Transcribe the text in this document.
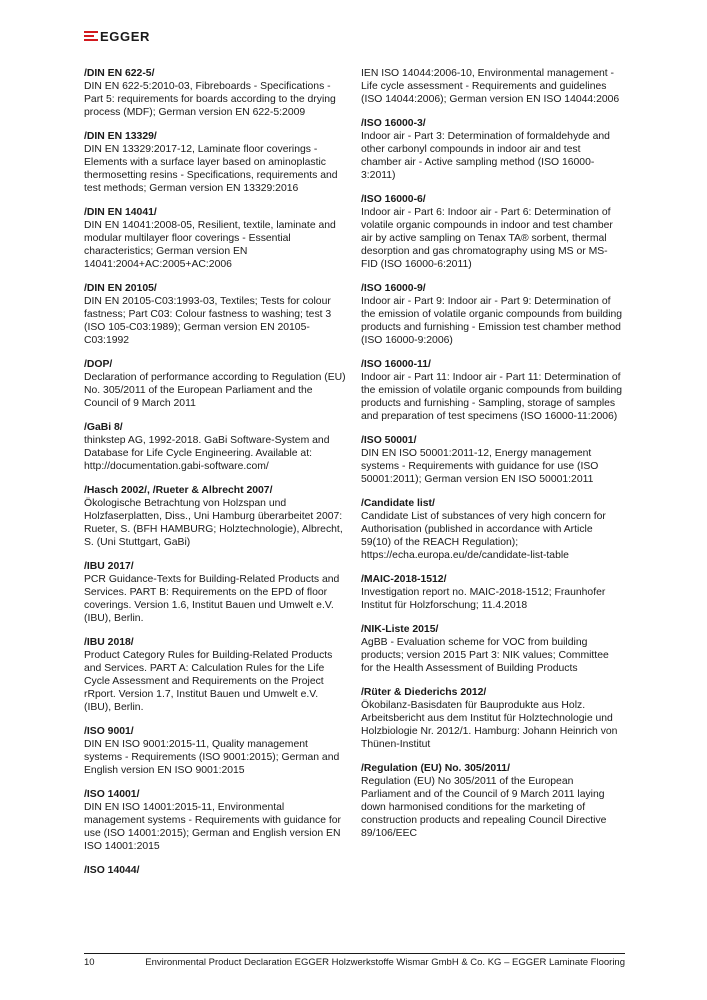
EGGER
/DIN EN 622-5/
DIN EN 622-5:2010-03, Fibreboards - Specifications - Part 5: requirements for boards according to the drying process (MDF); German version EN 622-5:2009
/DIN EN 13329/
DIN EN 13329:2017-12, Laminate floor coverings - Elements with a surface layer based on aminoplastic thermosetting resins - Specifications, requirements and test methods; German version EN 13329:2016
/DIN EN 14041/
DIN EN 14041:2008-05, Resilient, textile, laminate and modular multilayer floor coverings - Essential characteristics; German version EN 14041:2004+AC:2005+AC:2006
/DIN EN 20105/
DIN EN 20105-C03:1993-03, Textiles; Tests for colour fastness; Part C03: Colour fastness to washing; test 3 (ISO 105-C03:1989); German version EN 20105-C03:1992
/DOP/
Declaration of performance according to Regulation (EU) No. 305/2011 of the European Parliament and the Council of 9 March 2011
/GaBi 8/
thinkstep AG, 1992-2018. GaBi Software-System and Database for Life Cycle Engineering. Available at: http://documentation.gabi-software.com/
/Hasch 2002/, /Rueter & Albrecht 2007/
Ökologische Betrachtung von Holzspan und Holzfaserplatten, Diss., Uni Hamburg überarbeitet 2007: Rueter, S. (BFH HAMBURG; Holztechnologie), Albrecht, S. (Uni Stuttgart, GaBi)
/IBU 2017/
PCR Guidance-Texts for Building-Related Products and Services. PART B: Requirements on the EPD of floor coverings. Version 1.6, Institut Bauen und Umwelt e.V. (IBU), Berlin.
/IBU 2018/
Product Category Rules for Building-Related Products and Services. PART A: Calculation Rules for the Life Cycle Assessment and Requirements on the Project rRport. Version 1.7, Institut Bauen und Umwelt e.V. (IBU), Berlin.
/ISO 9001/
DIN EN ISO 9001:2015-11, Quality management systems - Requirements (ISO 9001:2015); German and English version EN ISO 9001:2015
/ISO 14001/
DIN EN ISO 14001:2015-11, Environmental management systems - Requirements with guidance for use (ISO 14001:2015); German and English version EN ISO 14001:2015
/ISO 14044/
IEN ISO 14044:2006-10, Environmental management - Life cycle assessment - Requirements and guidelines (ISO 14044:2006); German version EN ISO 14044:2006
/ISO 16000-3/
Indoor air - Part 3: Determination of formaldehyde and other carbonyl compounds in indoor air and test chamber air - Active sampling method (ISO 16000-3:2011)
/ISO 16000-6/
Indoor air - Part 6: Indoor air - Part 6: Determination of volatile organic compounds in indoor and test chamber air by active sampling on Tenax TA® sorbent, thermal desorption and gas chromatography using MS or MS-FID (ISO 16000-6:2011)
/ISO 16000-9/
Indoor air - Part 9: Indoor air - Part 9: Determination of the emission of volatile organic compounds from building products and furnishing - Emission test chamber method (ISO 16000-9:2006)
/ISO 16000-11/
Indoor air - Part 11: Indoor air - Part 11: Determination of the emission of volatile organic compounds from building products and furnishing - Sampling, storage of samples and preparation of test specimens (ISO 16000-11:2006)
/ISO 50001/
DIN EN ISO 50001:2011-12, Energy management systems - Requirements with guidance for use (ISO 50001:2011); German version EN ISO 50001:2011
/Candidate list/
Candidate List of substances of very high concern for Authorisation (published in accordance with Article 59(10) of the REACH Regulation); https://echa.europa.eu/de/candidate-list-table
/MAIC-2018-1512/
Investigation report no. MAIC-2018-1512; Fraunhofer Institut für Holzforschung; 11.4.2018
/NIK-Liste 2015/
AgBB - Evaluation scheme for VOC from building products; version 2015 Part 3: NIK values; Committee for the Health Assessment of Building Products
/Rüter & Diederichs 2012/
Ökobilanz-Basisdaten für Bauprodukte aus Holz. Arbeitsbericht aus dem Institut für Holztechnologie und Holzbiologie Nr. 2012/1. Hamburg: Johann Heinrich von Thünen-Institut
/Regulation (EU) No. 305/2011/
Regulation (EU) No 305/2011 of the European Parliament and of the Council of 9 March 2011 laying down harmonised conditions for the marketing of construction products and repealing Council Directive 89/106/EEC
10	Environmental Product Declaration EGGER Holzwerkstoffe Wismar GmbH & Co. KG – EGGER Laminate Flooring
